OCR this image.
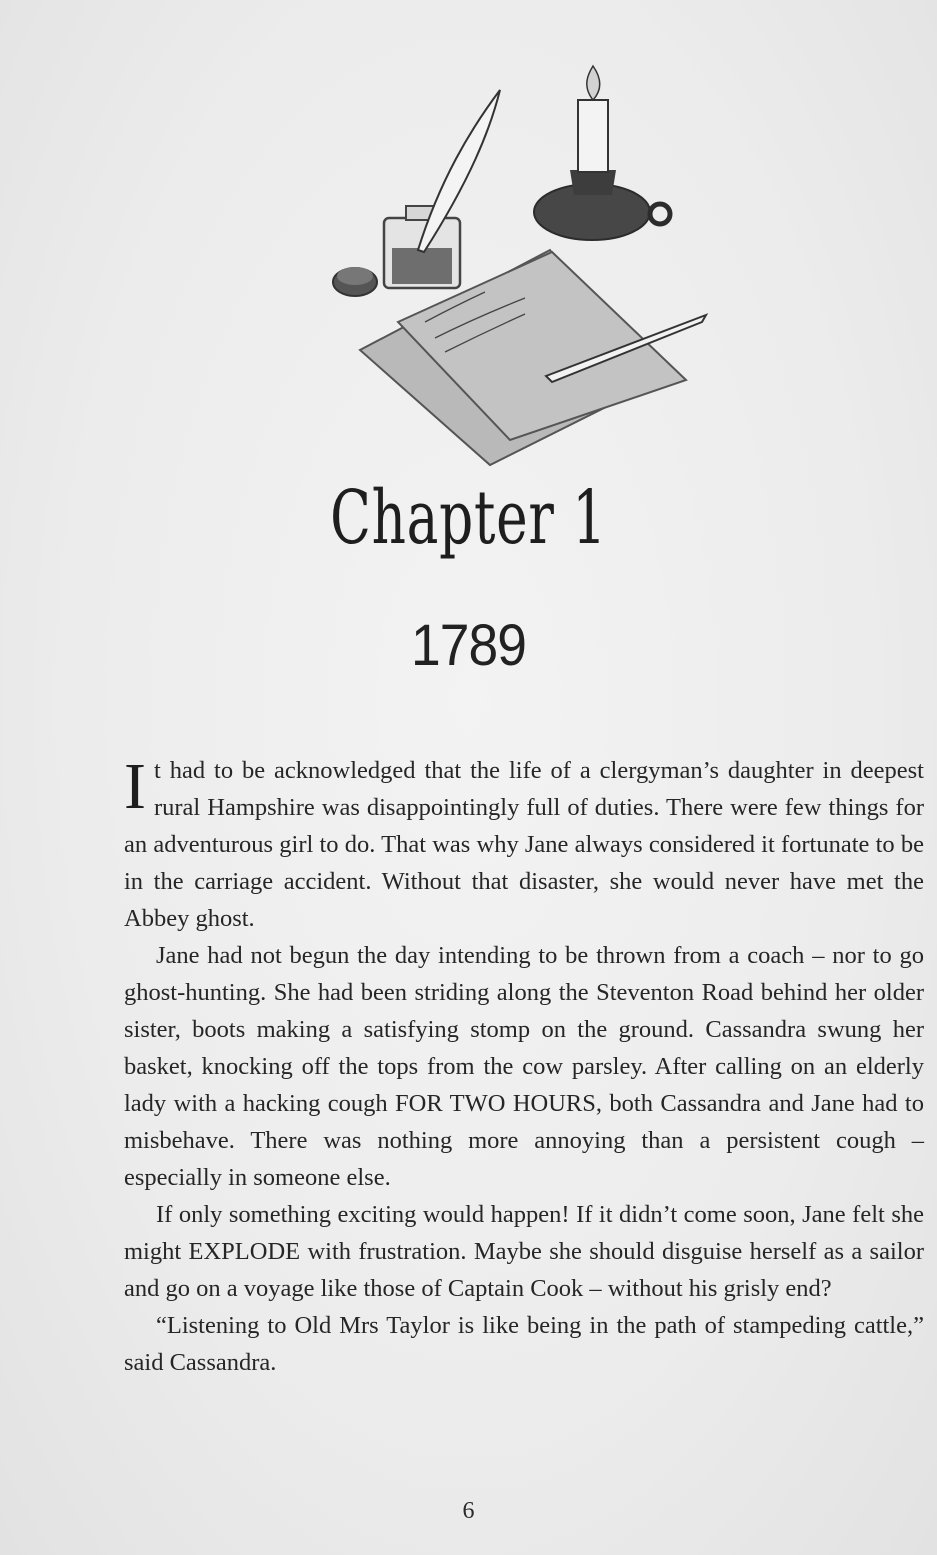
Chapter 1
1789

It had to be acknowledged that the life of a clergyman’s daughter in deepest rural Hampshire was disappointingly full of duties. There were few things for an adventurous girl to do. That was why Jane always considered it fortunate to be in the carriage accident. Without that disaster, she would never have met the Abbey ghost.

Jane had not begun the day intending to be thrown from a coach – nor to go ghost-hunting. She had been striding along the Steventon Road behind her older sister, boots making a satisfying stomp on the ground. Cassandra swung her basket, knocking off the tops from the cow parsley. After calling on an elderly lady with a hacking cough FOR TWO HOURS, both Cassandra and Jane had to misbehave. There was nothing more annoying than a persistent cough – especially in someone else.

If only something exciting would happen! If it didn’t come soon, Jane felt she might EXPLODE with frustration. Maybe she should disguise herself as a sailor and go on a voyage like those of Captain Cook – without his grisly end?

“Listening to Old Mrs Taylor is like being in the path of stampeding cattle,” said Cassandra.

6
